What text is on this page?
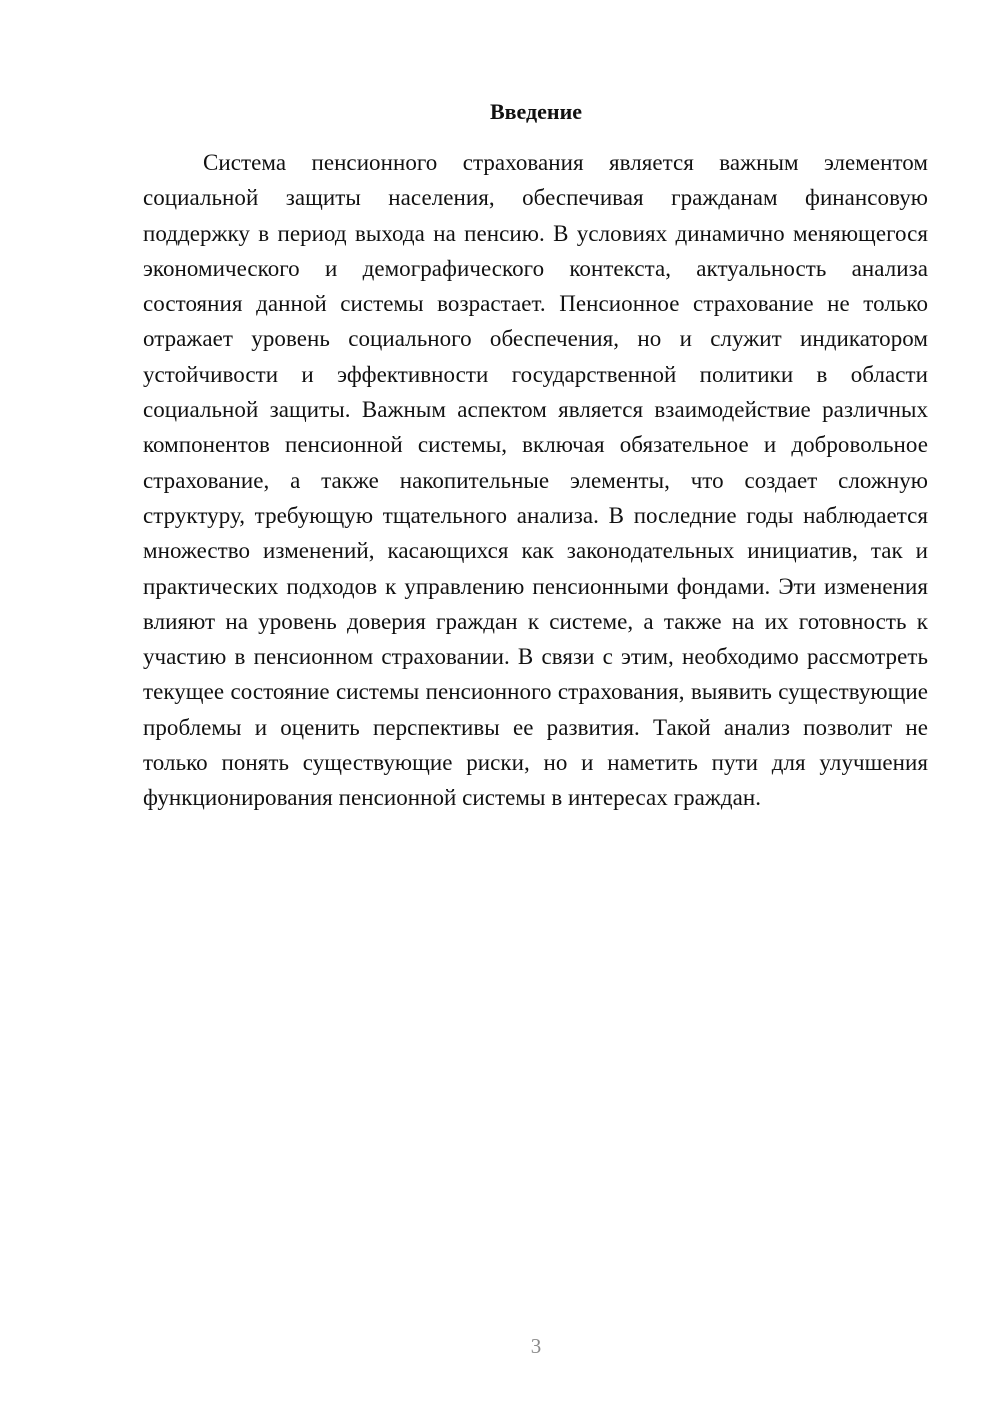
Введение

Система пенсионного страхования является важным элементом социальной защиты населения, обеспечивая гражданам финансовую поддержку в период выхода на пенсию. В условиях динамично меняющегося экономического и демографического контекста, актуальность анализа состояния данной системы возрастает. Пенсионное страхование не только отражает уровень социального обеспечения, но и служит индикатором устойчивости и эффективности государственной политики в области социальной защиты. Важным аспектом является взаимодействие различных компонентов пенсионной системы, включая обязательное и добровольное страхование, а также накопительные элементы, что создает сложную структуру, требующую тщательного анализа. В последние годы наблюдается множество изменений, касающихся как законодательных инициатив, так и практических подходов к управлению пенсионными фондами. Эти изменения влияют на уровень доверия граждан к системе, а также на их готовность к участию в пенсионном страховании. В связи с этим, необходимо рассмотреть текущее состояние системы пенсионного страхования, выявить существующие проблемы и оценить перспективы ее развития. Такой анализ позволит не только понять существующие риски, но и наметить пути для улучшения функционирования пенсионной системы в интересах граждан.

3
